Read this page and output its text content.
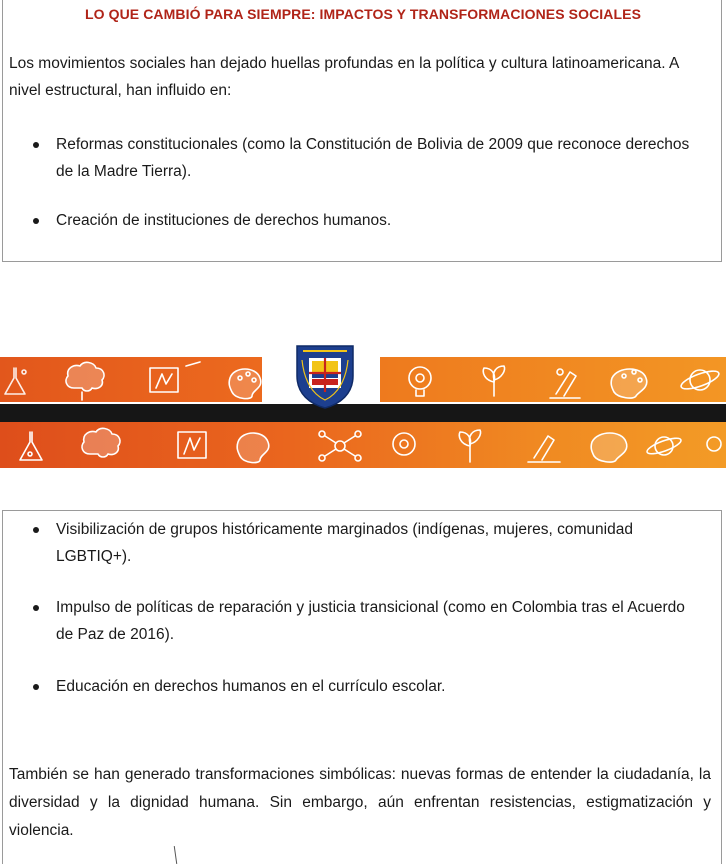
LO QUE CAMBIÓ PARA SIEMPRE: IMPACTOS Y TRANSFORMACIONES SOCIALES

Los movimientos sociales han dejado huellas profundas en la política y cultura latinoamericana. A nivel estructural, han influido en:

Reformas constitucionales (como la Constitución de Bolivia de 2009 que reconoce derechos de la Madre Tierra).

Creación de instituciones de derechos humanos.

Visibilización de grupos históricamente marginados (indígenas, mujeres, comunidad LGBTIQ+).

Impulso de políticas de reparación y justicia transicional (como en Colombia tras el Acuerdo de Paz de 2016).

Educación en derechos humanos en el currículo escolar.

También se han generado transformaciones simbólicas: nuevas formas de entender la ciudadanía, la diversidad y la dignidad humana. Sin embargo, aún enfrentan resistencias, estigmatización y violencia.
